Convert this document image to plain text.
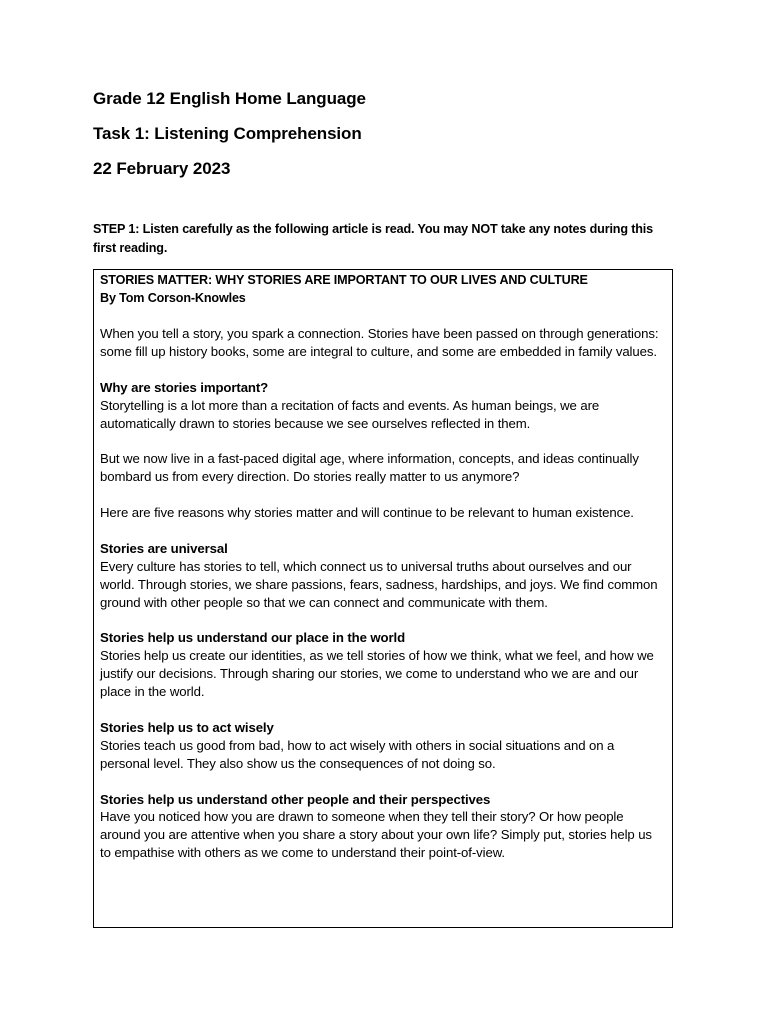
Grade 12 English Home Language
Task 1: Listening Comprehension
22 February 2023
STEP 1: Listen carefully as the following article is read. You may NOT take any notes during this first reading.

STORIES MATTER: WHY STORIES ARE IMPORTANT TO OUR LIVES AND CULTURE

By Tom Corson-Knowles

When you tell a story, you spark a connection. Stories have been passed on through generations: some fill up history books, some are integral to culture, and some are embedded in family values.

Why are stories important?

Storytelling is a lot more than a recitation of facts and events. As human beings, we are automatically drawn to stories because we see ourselves reflected in them.

But we now live in a fast-paced digital age, where information, concepts, and ideas continually bombard us from every direction. Do stories really matter to us anymore?

Here are five reasons why stories matter and will continue to be relevant to human existence.

Stories are universal

Every culture has stories to tell, which connect us to universal truths about ourselves and our world. Through stories, we share passions, fears, sadness, hardships, and joys. We find common ground with other people so that we can connect and communicate with them.

Stories help us understand our place in the world

Stories help us create our identities, as we tell stories of how we think, what we feel, and how we justify our decisions. Through sharing our stories, we come to understand who we are and our place in the world.

Stories help us to act wisely

Stories teach us good from bad, how to act wisely with others in social situations and on a personal level. They also show us the consequences of not doing so.

Stories help us understand other people and their perspectives

Have you noticed how you are drawn to someone when they tell their story? Or how people around you are attentive when you share a story about your own life? Simply put, stories help us to empathise with others as we come to understand their point-of-view.
